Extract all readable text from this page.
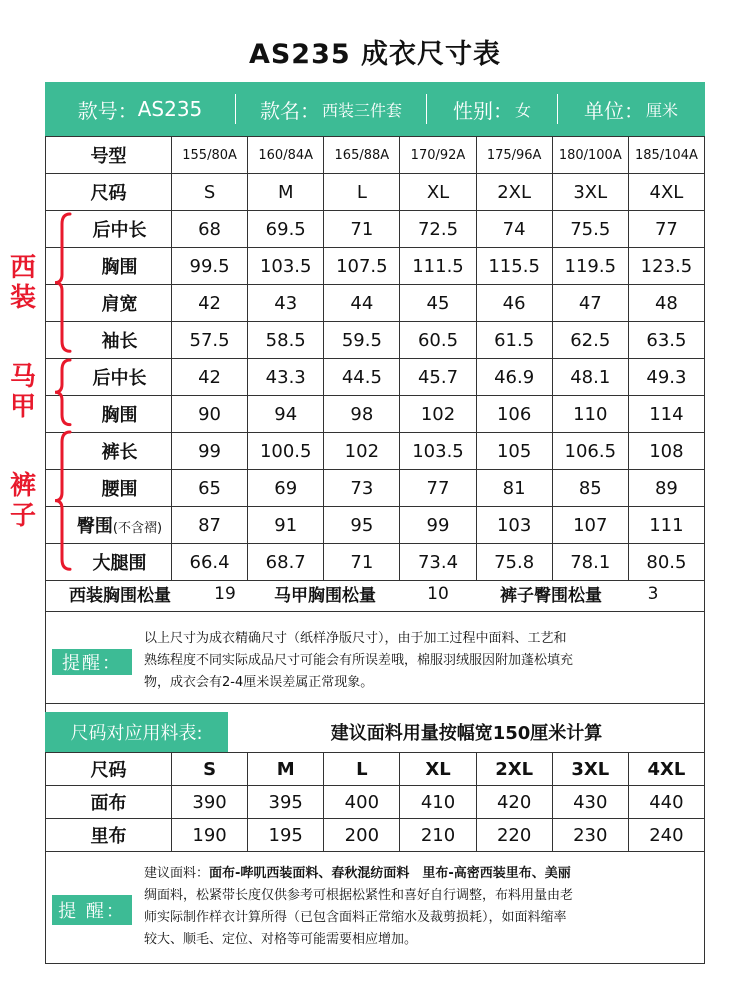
AS235 成衣尺寸表
款号： AS235	款名： 西装三件套	性别： 女	单位： 厘米
号型	155/80A	160/84A	165/88A	170/92A	175/96A	180/100A	185/104A
尺码	S	M	L	XL	2XL	3XL	4XL
后中长	68	69.5	71	72.5	74	75.5	77
胸围	99.5	103.5	107.5	111.5	115.5	119.5	123.5
肩宽	42	43	44	45	46	47	48
袖长	57.5	58.5	59.5	60.5	61.5	62.5	63.5
后中长	42	43.3	44.5	45.7	46.9	48.1	49.3
胸围	90	94	98	102	106	110	114
裤长	99	100.5	102	103.5	105	106.5	108
腰围	65	69	73	77	81	85	89
臀围(不含褶)	87	91	95	99	103	107	111
大腿围	66.4	68.7	71	73.4	75.8	78.1	80.5
西
装
马
甲
裤
子
西装胸围松量	19	马甲胸围松量	10	裤子臀围松量	3
提醒：
以上尺寸为成衣精确尺寸（纸样净版尺寸），由于加工过程中面料、工艺和
熟练程度不同实际成品尺寸可能会有所误差哦，棉服羽绒服因附加蓬松填充
物，成衣会有2-4厘米误差属正常现象。
尺码对应用料表:	建议面料用量按幅宽150厘米计算
尺码	S	M	L	XL	2XL	3XL	4XL
面布	390	395	400	410	420	430	440
里布	190	195	200	210	220	230	240
提 醒：
建议面料：面布-哔叽西装面料、春秋混纺面料　里布-高密西装里布、美丽
绸面料，松紧带长度仅供参考可根据松紧性和喜好自行调整，布料用量由老
师实际制作样衣计算所得（已包含面料正常缩水及裁剪损耗），如面料缩率
较大、顺毛、定位、对格等可能需要相应增加。
